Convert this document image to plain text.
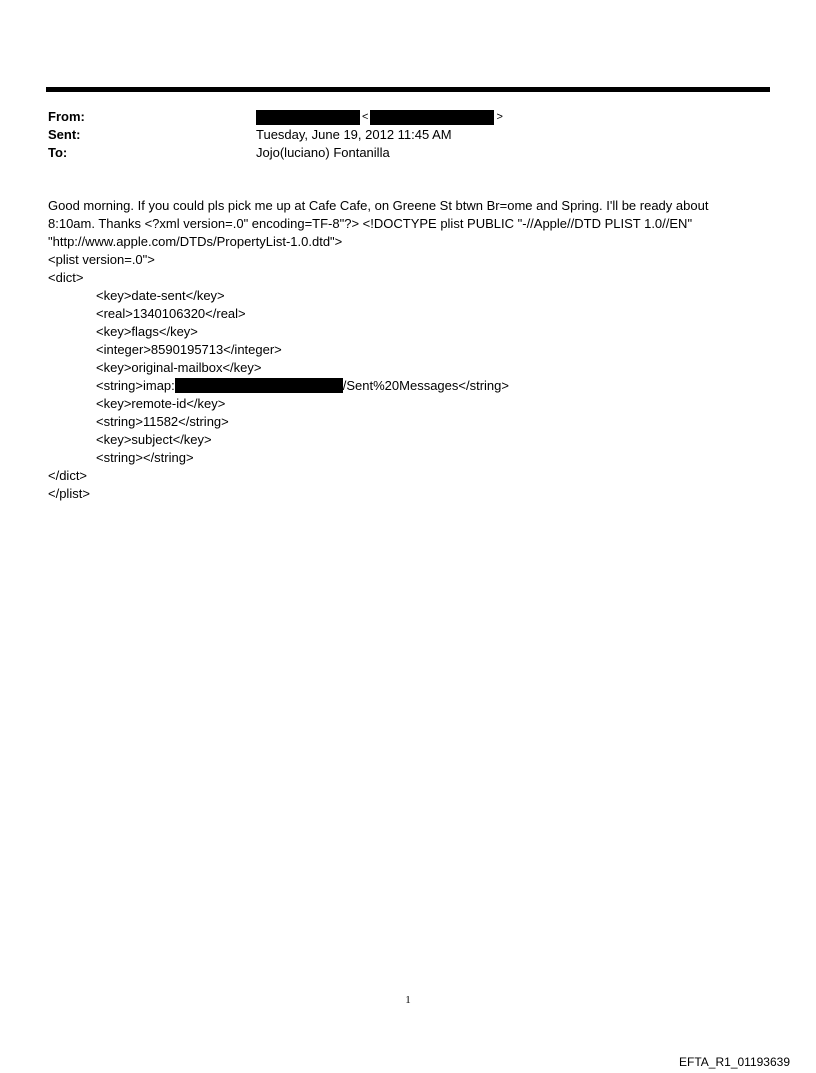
From:	<	>
Sent:	Tuesday, June 19, 2012 11:45 AM
To:	Jojo(luciano) Fontanilla
Good morning. If you could pls pick me up at Cafe Cafe, on Greene St btwn Br=ome and Spring. I'll be ready about
8:10am. Thanks <?xml version=.0" encoding=TF-8"?> <!DOCTYPE plist PUBLIC "-//Apple//DTD PLIST 1.0//EN"
"http://www.apple.com/DTDs/PropertyList-1.0.dtd">
<plist version=.0">
<dict>
<key>date-sent</key>
<real>1340106320</real>
<key>flags</key>
<integer>8590195713</integer>
<key>original-mailbox</key>
<string>imap:	/Sent%20Messages</string>
<key>remote-id</key>
<string>11582</string>
<key>subject</key>
<string></string>
</dict>
</plist>
1
EFTA_R1_01193639
